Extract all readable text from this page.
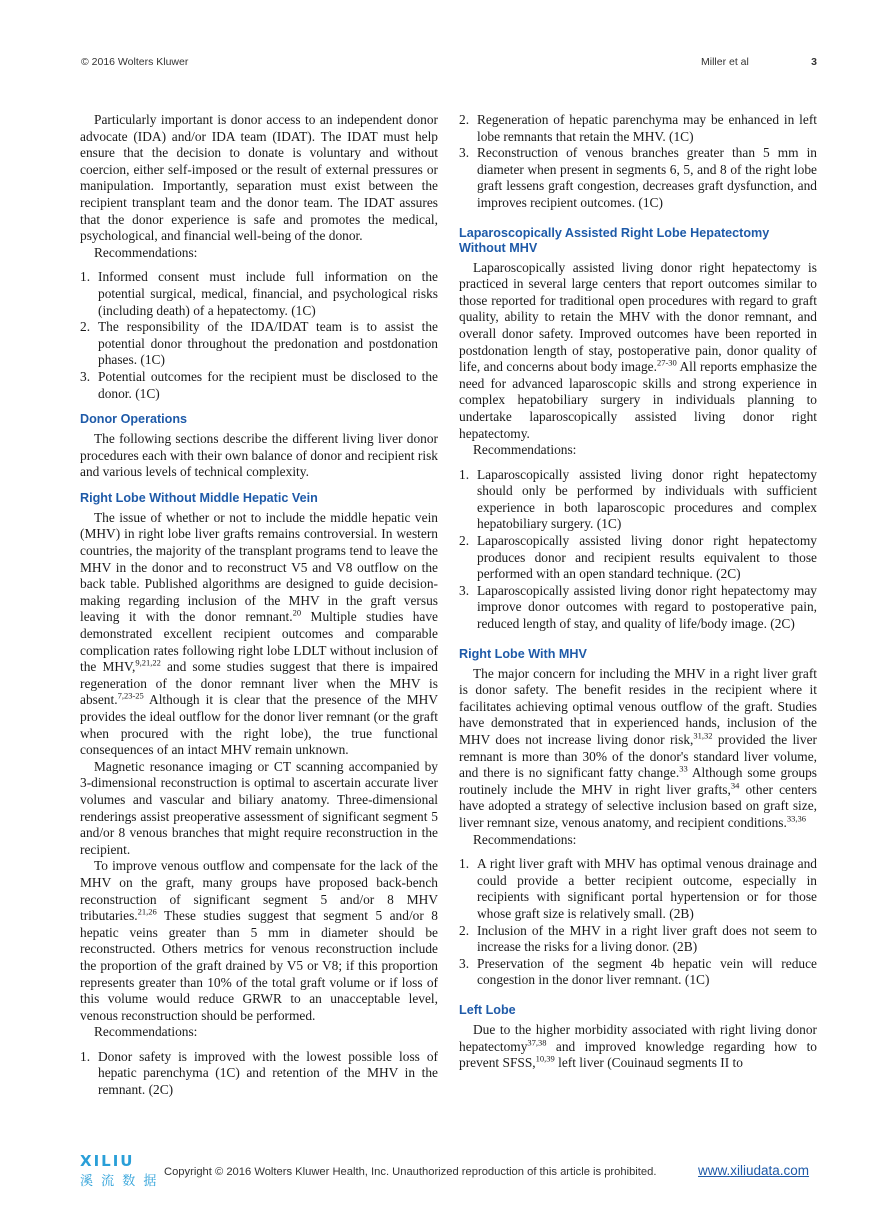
© 2016 Wolters Kluwer	Miller et al	3

Particularly important is donor access to an independent donor advocate (IDA) and/or IDA team (IDAT). The IDAT must help ensure that the decision to donate is voluntary and without coercion, either self-imposed or the result of external pressures or manipulation. Importantly, separation must exist between the recipient transplant team and the donor team. The IDAT assures that the donor experience is safe and promotes the medical, psychological, and financial well-being of the donor.

Recommendations:

1. Informed consent must include full information on the potential surgical, medical, financial, and psychological risks (including death) of a hepatectomy. (1C)
2. The responsibility of the IDA/IDAT team is to assist the potential donor throughout the predonation and postdonation phases. (1C)
3. Potential outcomes for the recipient must be disclosed to the donor. (1C)
Donor Operations

The following sections describe the different living liver donor procedures each with their own balance of donor and recipient risk and various levels of technical complexity.

Right Lobe Without Middle Hepatic Vein

The issue of whether or not to include the middle hepatic vein (MHV) in right lobe liver grafts remains controversial. In western countries, the majority of the transplant programs tend to leave the MHV in the donor and to reconstruct V5 and V8 outflow on the back table. Published algorithms are designed to guide decision-making regarding inclusion of the MHV in the graft versus leaving it with the donor remnant.$^{20}$ Multiple studies have demonstrated excellent recipient outcomes and comparable complication rates following right lobe LDLT without inclusion of the MHV,$^{9,21,22}$ and some studies suggest that there is impaired regeneration of the donor remnant liver when the MHV is absent.$^{7,23-25}$ Although it is clear that the presence of the MHV provides the ideal outflow for the donor liver remnant (or the graft when procured with the right lobe), the true functional consequences of an intact MHV remain unknown.

Magnetic resonance imaging or CT scanning accompanied by 3-dimensional reconstruction is optimal to ascertain accurate liver volumes and vascular and biliary anatomy. Three-dimensional renderings assist preoperative assessment of significant segment 5 and/or 8 venous branches that might require reconstruction in the recipient.

To improve venous outflow and compensate for the lack of the MHV on the graft, many groups have proposed back-bench reconstruction of significant segment 5 and/or 8 MHV tributaries.$^{21,26}$ These studies suggest that segment 5 and/or 8 hepatic veins greater than 5 mm in diameter should be reconstructed. Others metrics for venous reconstruction include the proportion of the graft drained by V5 or V8; if this proportion represents greater than 10% of the total graft volume or if loss of this volume would reduce GRWR to an unacceptable level, venous reconstruction should be performed.

Recommendations:

1. Donor safety is improved with the lowest possible loss of hepatic parenchyma (1C) and retention of the MHV in the remnant. (2C)
2. Regeneration of hepatic parenchyma may be enhanced in left lobe remnants that retain the MHV. (1C)
3. Reconstruction of venous branches greater than 5 mm in diameter when present in segments 6, 5, and 8 of the right lobe graft lessens graft congestion, decreases graft dysfunction, and improves recipient outcomes. (1C)
Laparoscopically Assisted Right Lobe Hepatectomy Without MHV

Laparoscopically assisted living donor right hepatectomy is practiced in several large centers that report outcomes similar to those reported for traditional open procedures with regard to graft quality, ability to retain the MHV with the donor remnant, and overall donor safety. Improved outcomes have been reported in postdonation length of stay, postoperative pain, donor quality of life, and concerns about body image.$^{27-30}$ All reports emphasize the need for advanced laparoscopic skills and strong experience in complex hepatobiliary surgery in individuals planning to undertake laparoscopically assisted living donor right hepatectomy.

Recommendations:

1. Laparoscopically assisted living donor right hepatectomy should only be performed by individuals with sufficient experience in both laparoscopic procedures and complex hepatobiliary surgery. (1C)
2. Laparoscopically assisted living donor right hepatectomy produces donor and recipient results equivalent to those performed with an open standard technique. (2C)
3. Laparoscopically assisted living donor right hepatectomy may improve donor outcomes with regard to postoperative pain, reduced length of stay, and quality of life/body image. (2C)
Right Lobe With MHV

The major concern for including the MHV in a right liver graft is donor safety. The benefit resides in the recipient where it facilitates achieving optimal venous outflow of the graft. Studies have demonstrated that in experienced hands, inclusion of the MHV does not increase living donor risk,$^{31,32}$ provided the liver remnant is more than 30% of the donor's standard liver volume, and there is no significant fatty change.$^{33}$ Although some groups routinely include the MHV in right liver grafts,$^{34}$ other centers have adopted a strategy of selective inclusion based on graft size, liver remnant size, venous anatomy, and recipient conditions.$^{33,36}$

Recommendations:

1. A right liver graft with MHV has optimal venous drainage and could provide a better recipient outcome, especially in recipients with significant portal hypertension or for those whose graft size is relatively small. (2B)
2. Inclusion of the MHV in a right liver graft does not seem to increase the risks for a living donor. (2B)
3. Preservation of the segment 4b hepatic vein will reduce congestion in the donor liver remnant. (1C)
Left Lobe

Due to the higher morbidity associated with right living donor hepatectomy$^{37,38}$ and improved knowledge regarding how to prevent SFSS,$^{10,39}$ left liver (Couinaud segments II to

XILIU
溪 流 数 据
Copyright © 2016 Wolters Kluwer Health, Inc. Unauthorized reproduction of this article is prohibited.	www.xiliudata.com
